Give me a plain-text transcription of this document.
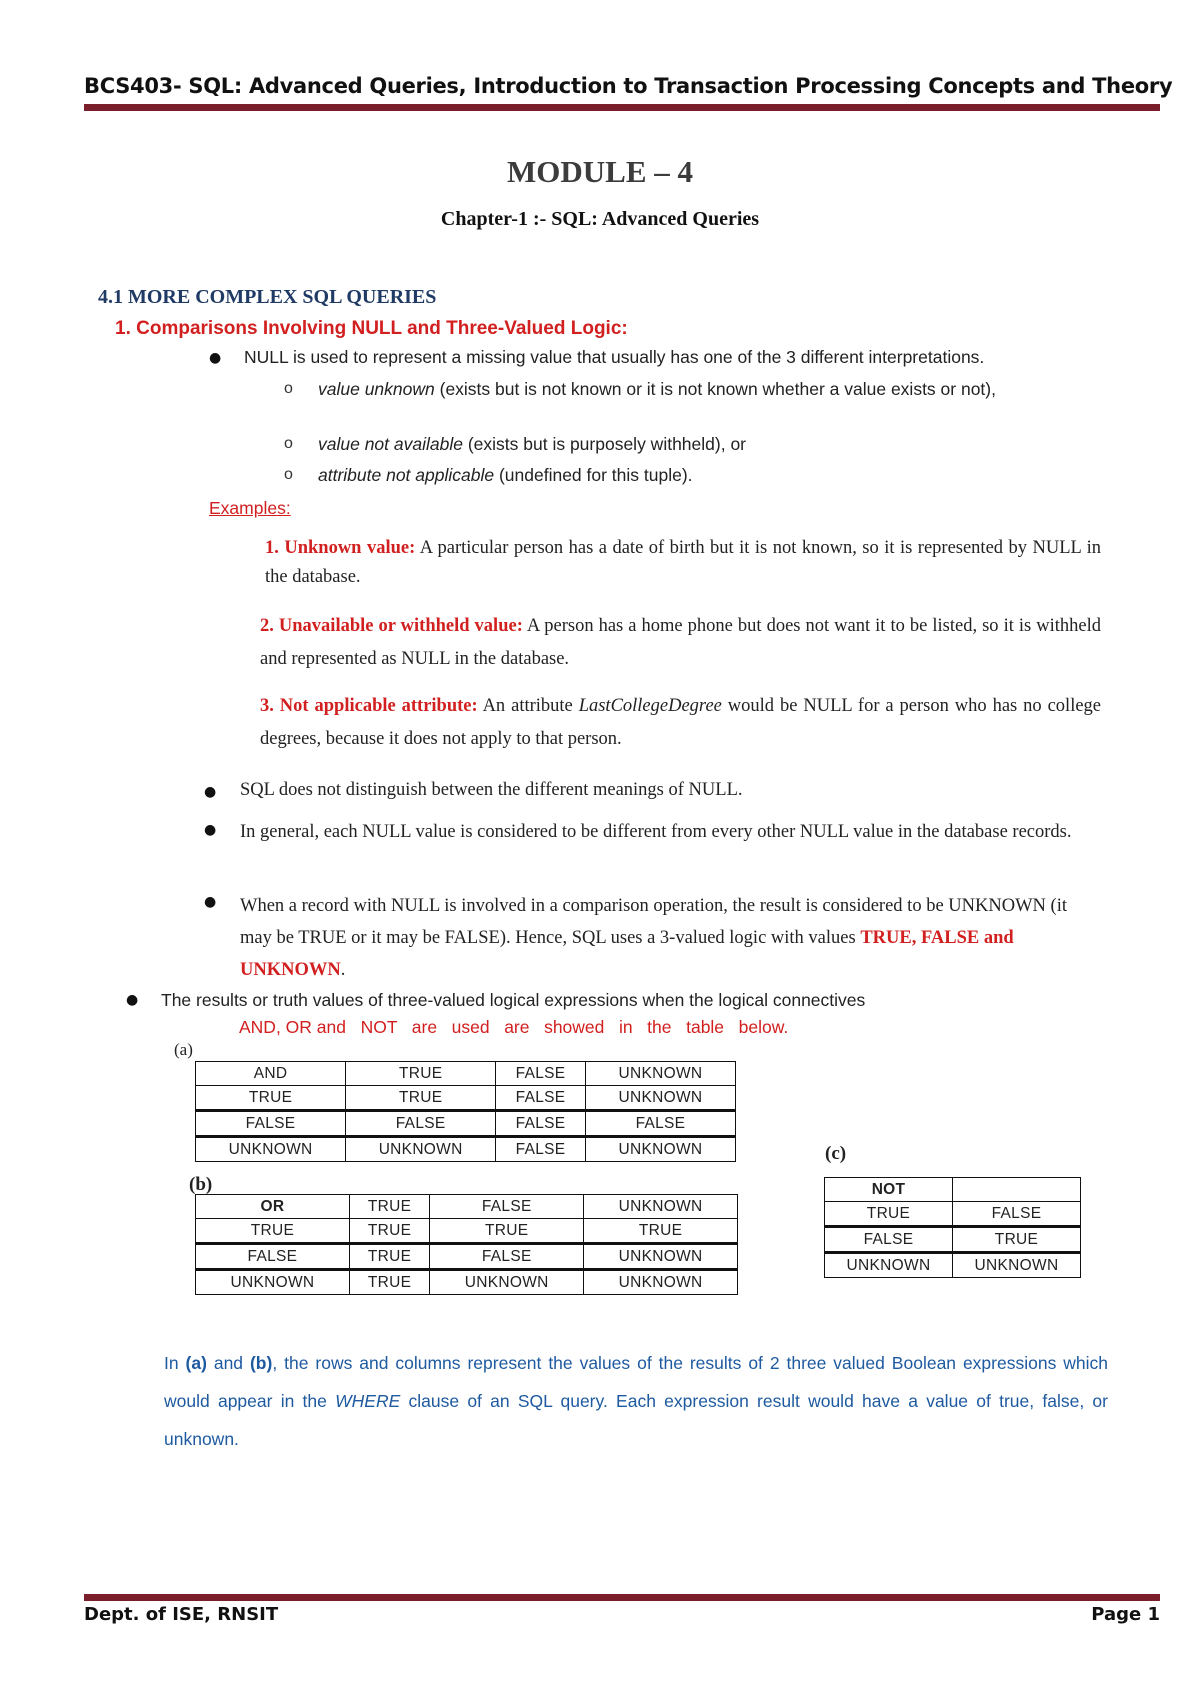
BCS403- SQL: Advanced Queries, Introduction to Transaction Processing Concepts and Theory
MODULE – 4
Chapter-1 :- SQL: Advanced Queries
4.1 MORE COMPLEX SQL QUERIES
1. Comparisons Involving NULL and Three-Valued Logic:
● NULL is used to represent a missing value that usually has one of the 3 different interpretations.
o value unknown (exists but is not known or it is not known whether a value exists or not),
o value not available (exists but is purposely withheld), or
o attribute not applicable (undefined for this tuple).
Examples:
1. Unknown value: A particular person has a date of birth but it is not known, so it is represented by NULL in the database.
2. Unavailable or withheld value: A person has a home phone but does not want it to be listed, so it is withheld and represented as NULL in the database.
3. Not applicable attribute: An attribute LastCollegeDegree would be NULL for a person who has no college degrees, because it does not apply to that person.
● SQL does not distinguish between the different meanings of NULL.
● In general, each NULL value is considered to be different from every other NULL value in the database records.
● When a record with NULL is involved in a comparison operation, the result is considered to be UNKNOWN (it may be TRUE or it may be FALSE). Hence, SQL uses a 3-valued logic with values TRUE, FALSE and UNKNOWN.
● The results or truth values of three-valued logical expressions when the logical connectives
AND, OR and   NOT   are   used   are   showed   in   the   table   below.
(a)
AND	TRUE	FALSE	UNKNOWN
TRUE	TRUE	FALSE	UNKNOWN
FALSE	FALSE	FALSE	FALSE
UNKNOWN	UNKNOWN	FALSE	UNKNOWN
(b)
OR	TRUE	FALSE	UNKNOWN
TRUE	TRUE	TRUE	TRUE
FALSE	TRUE	FALSE	UNKNOWN
UNKNOWN	TRUE	UNKNOWN	UNKNOWN
(c)
NOT	
TRUE	FALSE
FALSE	TRUE
UNKNOWN	UNKNOWN
In (a) and (b), the rows and columns represent the values of the results of 2 three valued Boolean expressions which would appear in the WHERE clause of an SQL query. Each expression result would have a value of true, false, or unknown.
Dept. of ISE, RNSIT	Page 1
